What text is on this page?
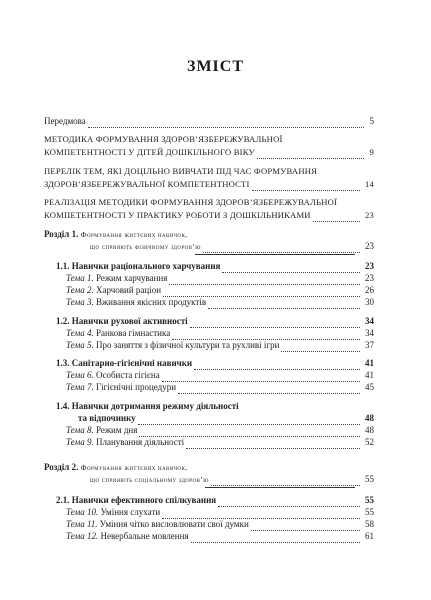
ЗМІСТ
Передмова	5
МЕТОДИКА ФОРМУВАННЯ ЗДОРОВ’ЯЗБЕРЕЖУВАЛЬНОЇ
КОМПЕТЕНТНОСТІ У ДІТЕЙ ДОШКІЛЬНОГО ВІКУ	9
ПЕРЕЛІК ТЕМ, ЯКІ ДОЦІЛЬНО ВИВЧАТИ ПІД ЧАС ФОРМУВАННЯ
ЗДОРОВ’ЯЗБЕРЕЖУВАЛЬНОЇ КОМПЕТЕНТНОСТІ	14
РЕАЛІЗАЦІЯ МЕТОДИКИ ФОРМУВАННЯ ЗДОРОВ’ЯЗБЕРЕЖУВАЛЬНОЇ
КОМПЕТЕНТНОСТІ У ПРАКТИКУ РОБОТИ З ДОШКІЛЬНИКАМИ	23
Розділ 1. Формування життєвих навичок,
що сприяють фізичному здоров’ю	23
1.1. Навички раціонального харчування	23
Тема 1. Режим харчування	23
Тема 2. Харчовий раціон	26
Тема 3. Вживання якісних продуктів	30
1.2. Навички рухової активності	34
Тема 4. Ранкова гімнастика	34
Тема 5. Про заняття з фізичної культури та рухливі ігри	37
1.3. Санітарно-гігієнічні навички	41
Тема 6. Особиста гігієна	41
Тема 7. Гігієнічні процедури	45
1.4. Навички дотримання режиму діяльності
та відпочинку	48
Тема 8. Режим дня	48
Тема 9. Планування діяльності	52
Розділ 2. Формування життєвих навичок,
що сприяють соціальному здоров’ю	55
2.1. Навички ефективного спілкування	55
Тема 10. Уміння слухати	55
Тема 11. Уміння чітко висловлювати свої думки	58
Тема 12. Невербальне мовлення	61
